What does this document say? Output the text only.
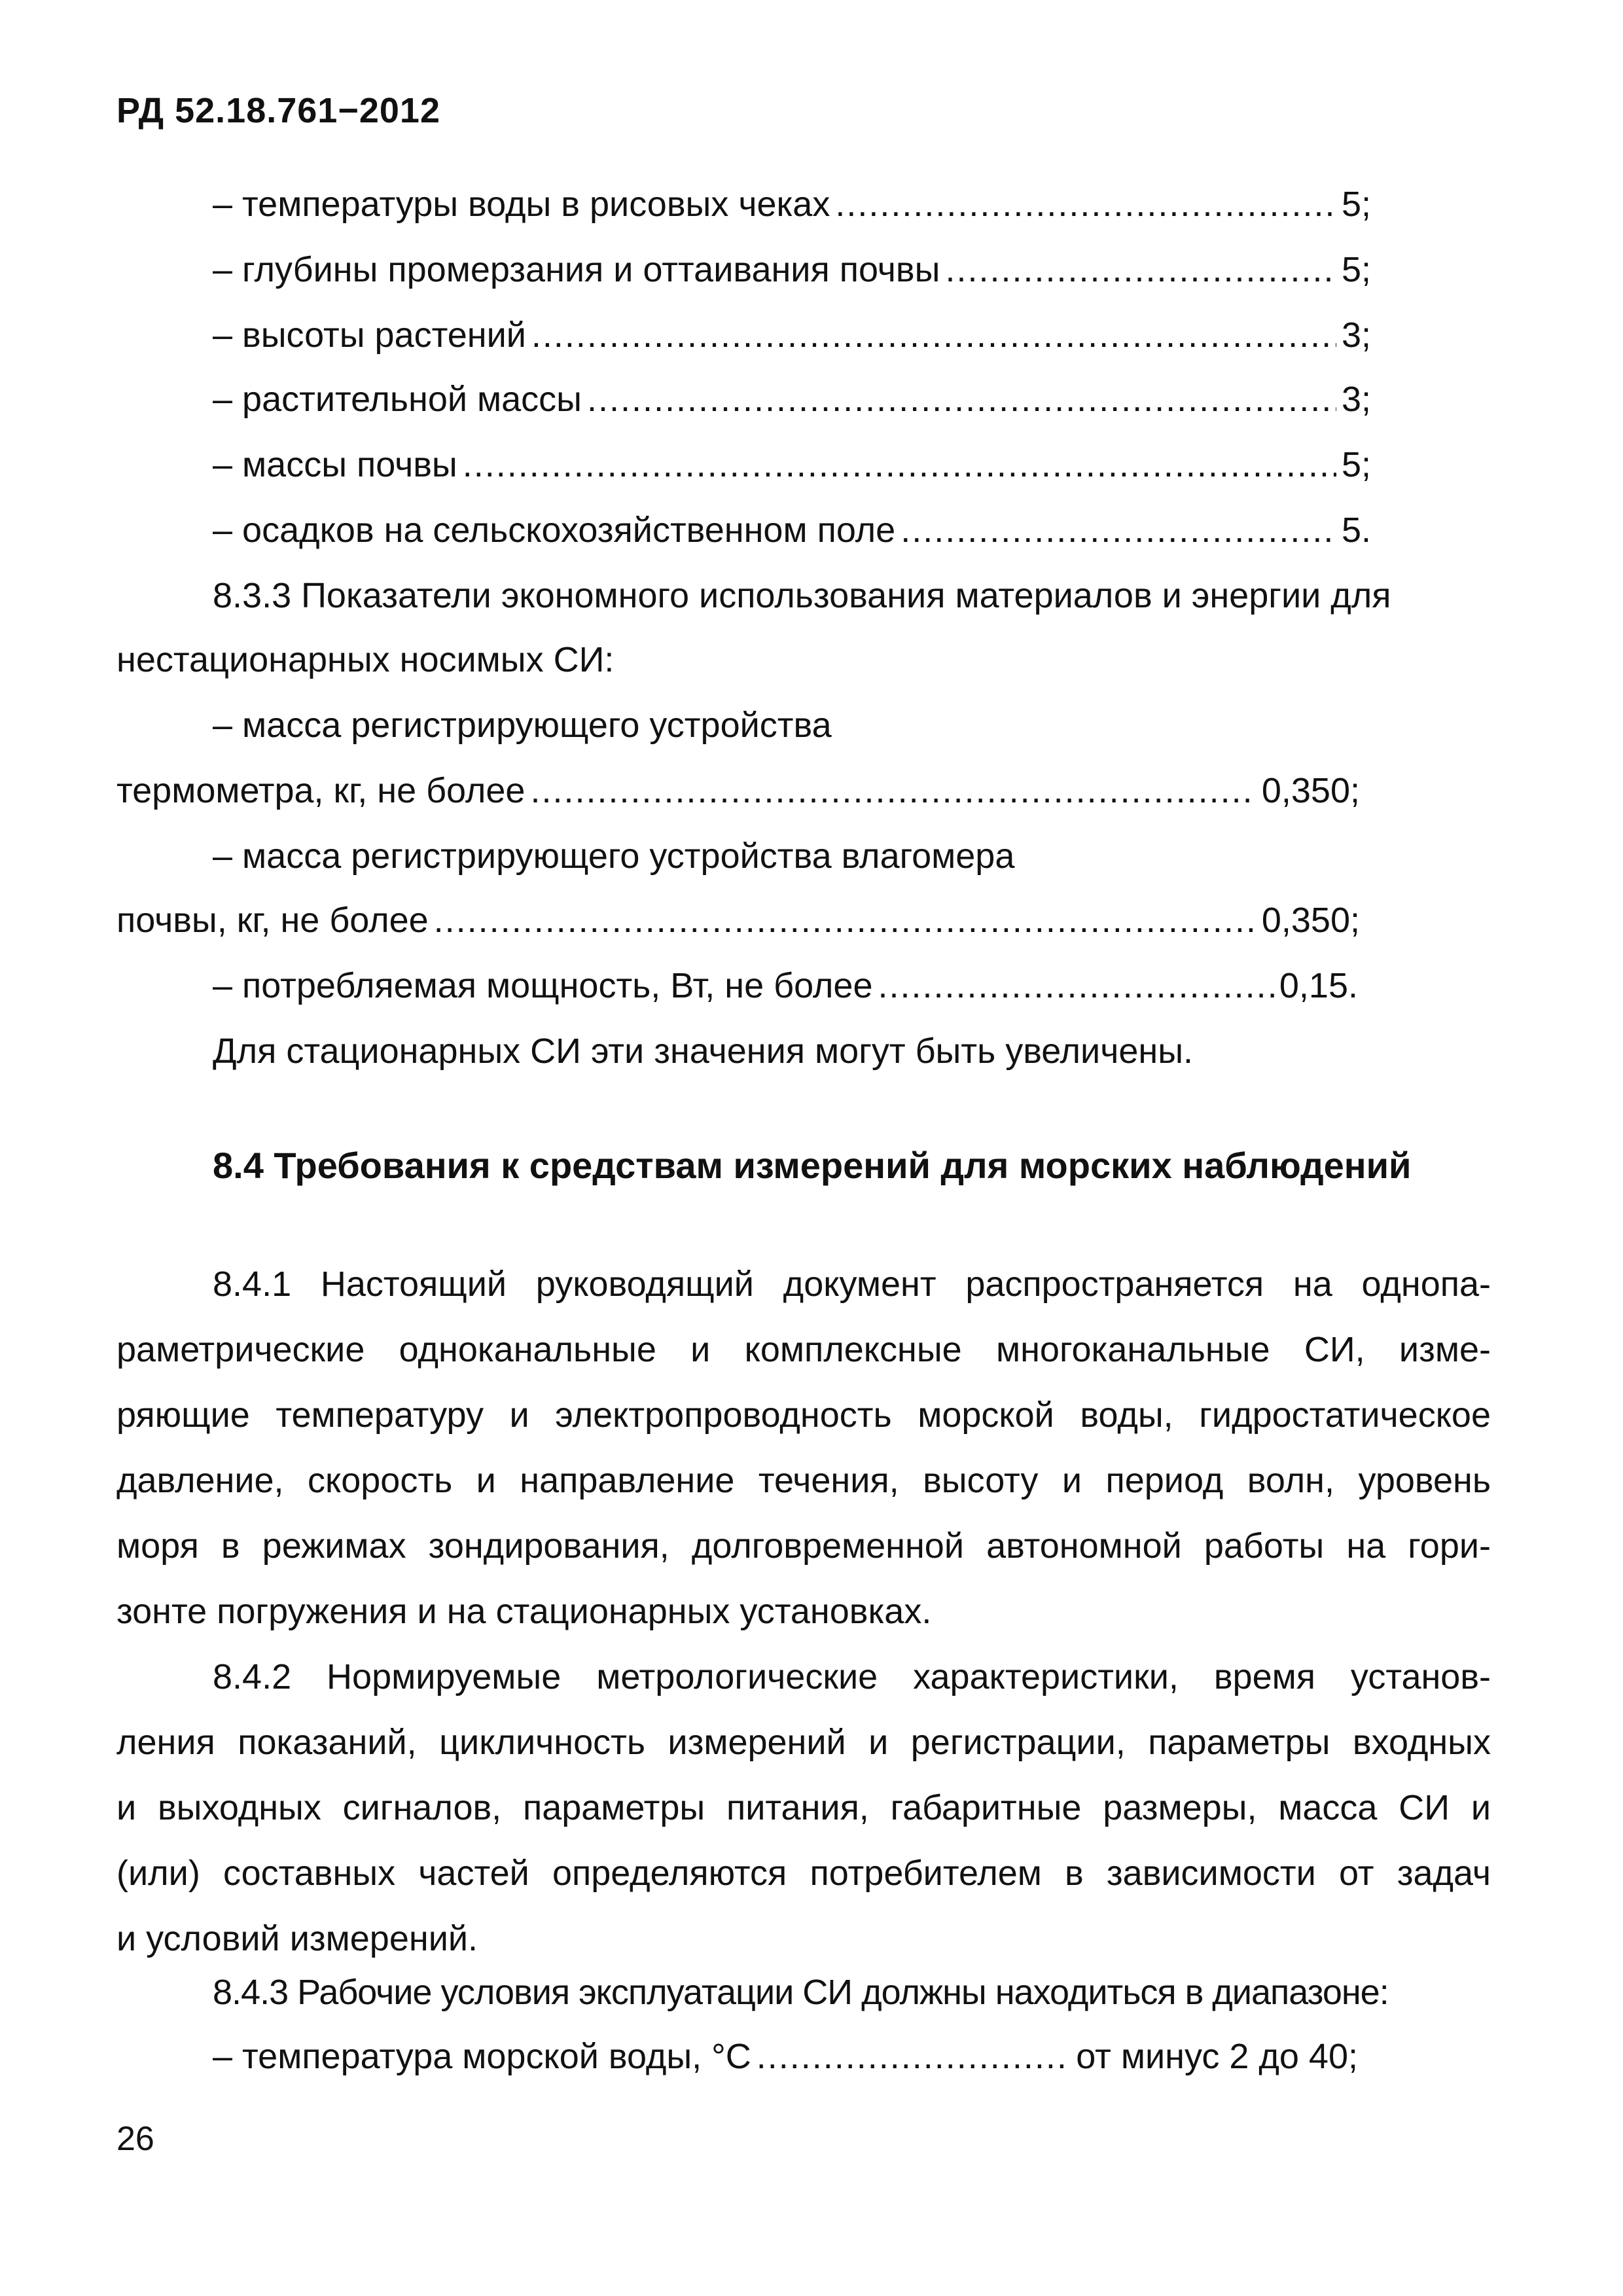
РД 52.18.761−2012
– температуры воды в рисовых чеках .....	5;
– глубины промерзания и оттаивания почвы .....	5;
– высоты растений .....	3;
– растительной массы .....	3;
– массы почвы .....	5;
– осадков на сельскохозяйственном поле .....	5.
8.3.3 Показатели экономного использования материалов и энергии для
нестационарных носимых СИ:
– масса регистрирующего устройства
термометра, кг, не более .....	0,350;
– масса регистрирующего устройства влагомера
почвы, кг, не более .....	0,350;
– потребляемая мощность, Вт, не более .....	0,15.
Для стационарных СИ эти значения могут быть увеличены.
8.4 Требования к средствам измерений для морских наблюдений
8.4.1 Настоящий руководящий документ распространяется на однопа-
раметрические одноканальные и комплексные многоканальные СИ, изме-
ряющие температуру и электропроводность морской воды, гидростатическое
давление, скорость и направление течения, высоту и период волн, уровень
моря в режимах зондирования, долговременной автономной работы на гори-
зонте погружения и на стационарных установках.
8.4.2 Нормируемые метрологические характеристики, время установ-
ления показаний, цикличность измерений и регистрации, параметры входных
и выходных сигналов, параметры питания, габаритные размеры, масса СИ и
(или) составных частей определяются потребителем в зависимости от задач
и условий измерений.
8.4.3 Рабочие условия эксплуатации СИ должны находиться в диапазоне:
– температура морской воды, °С .....	от минус 2 до 40;
26
